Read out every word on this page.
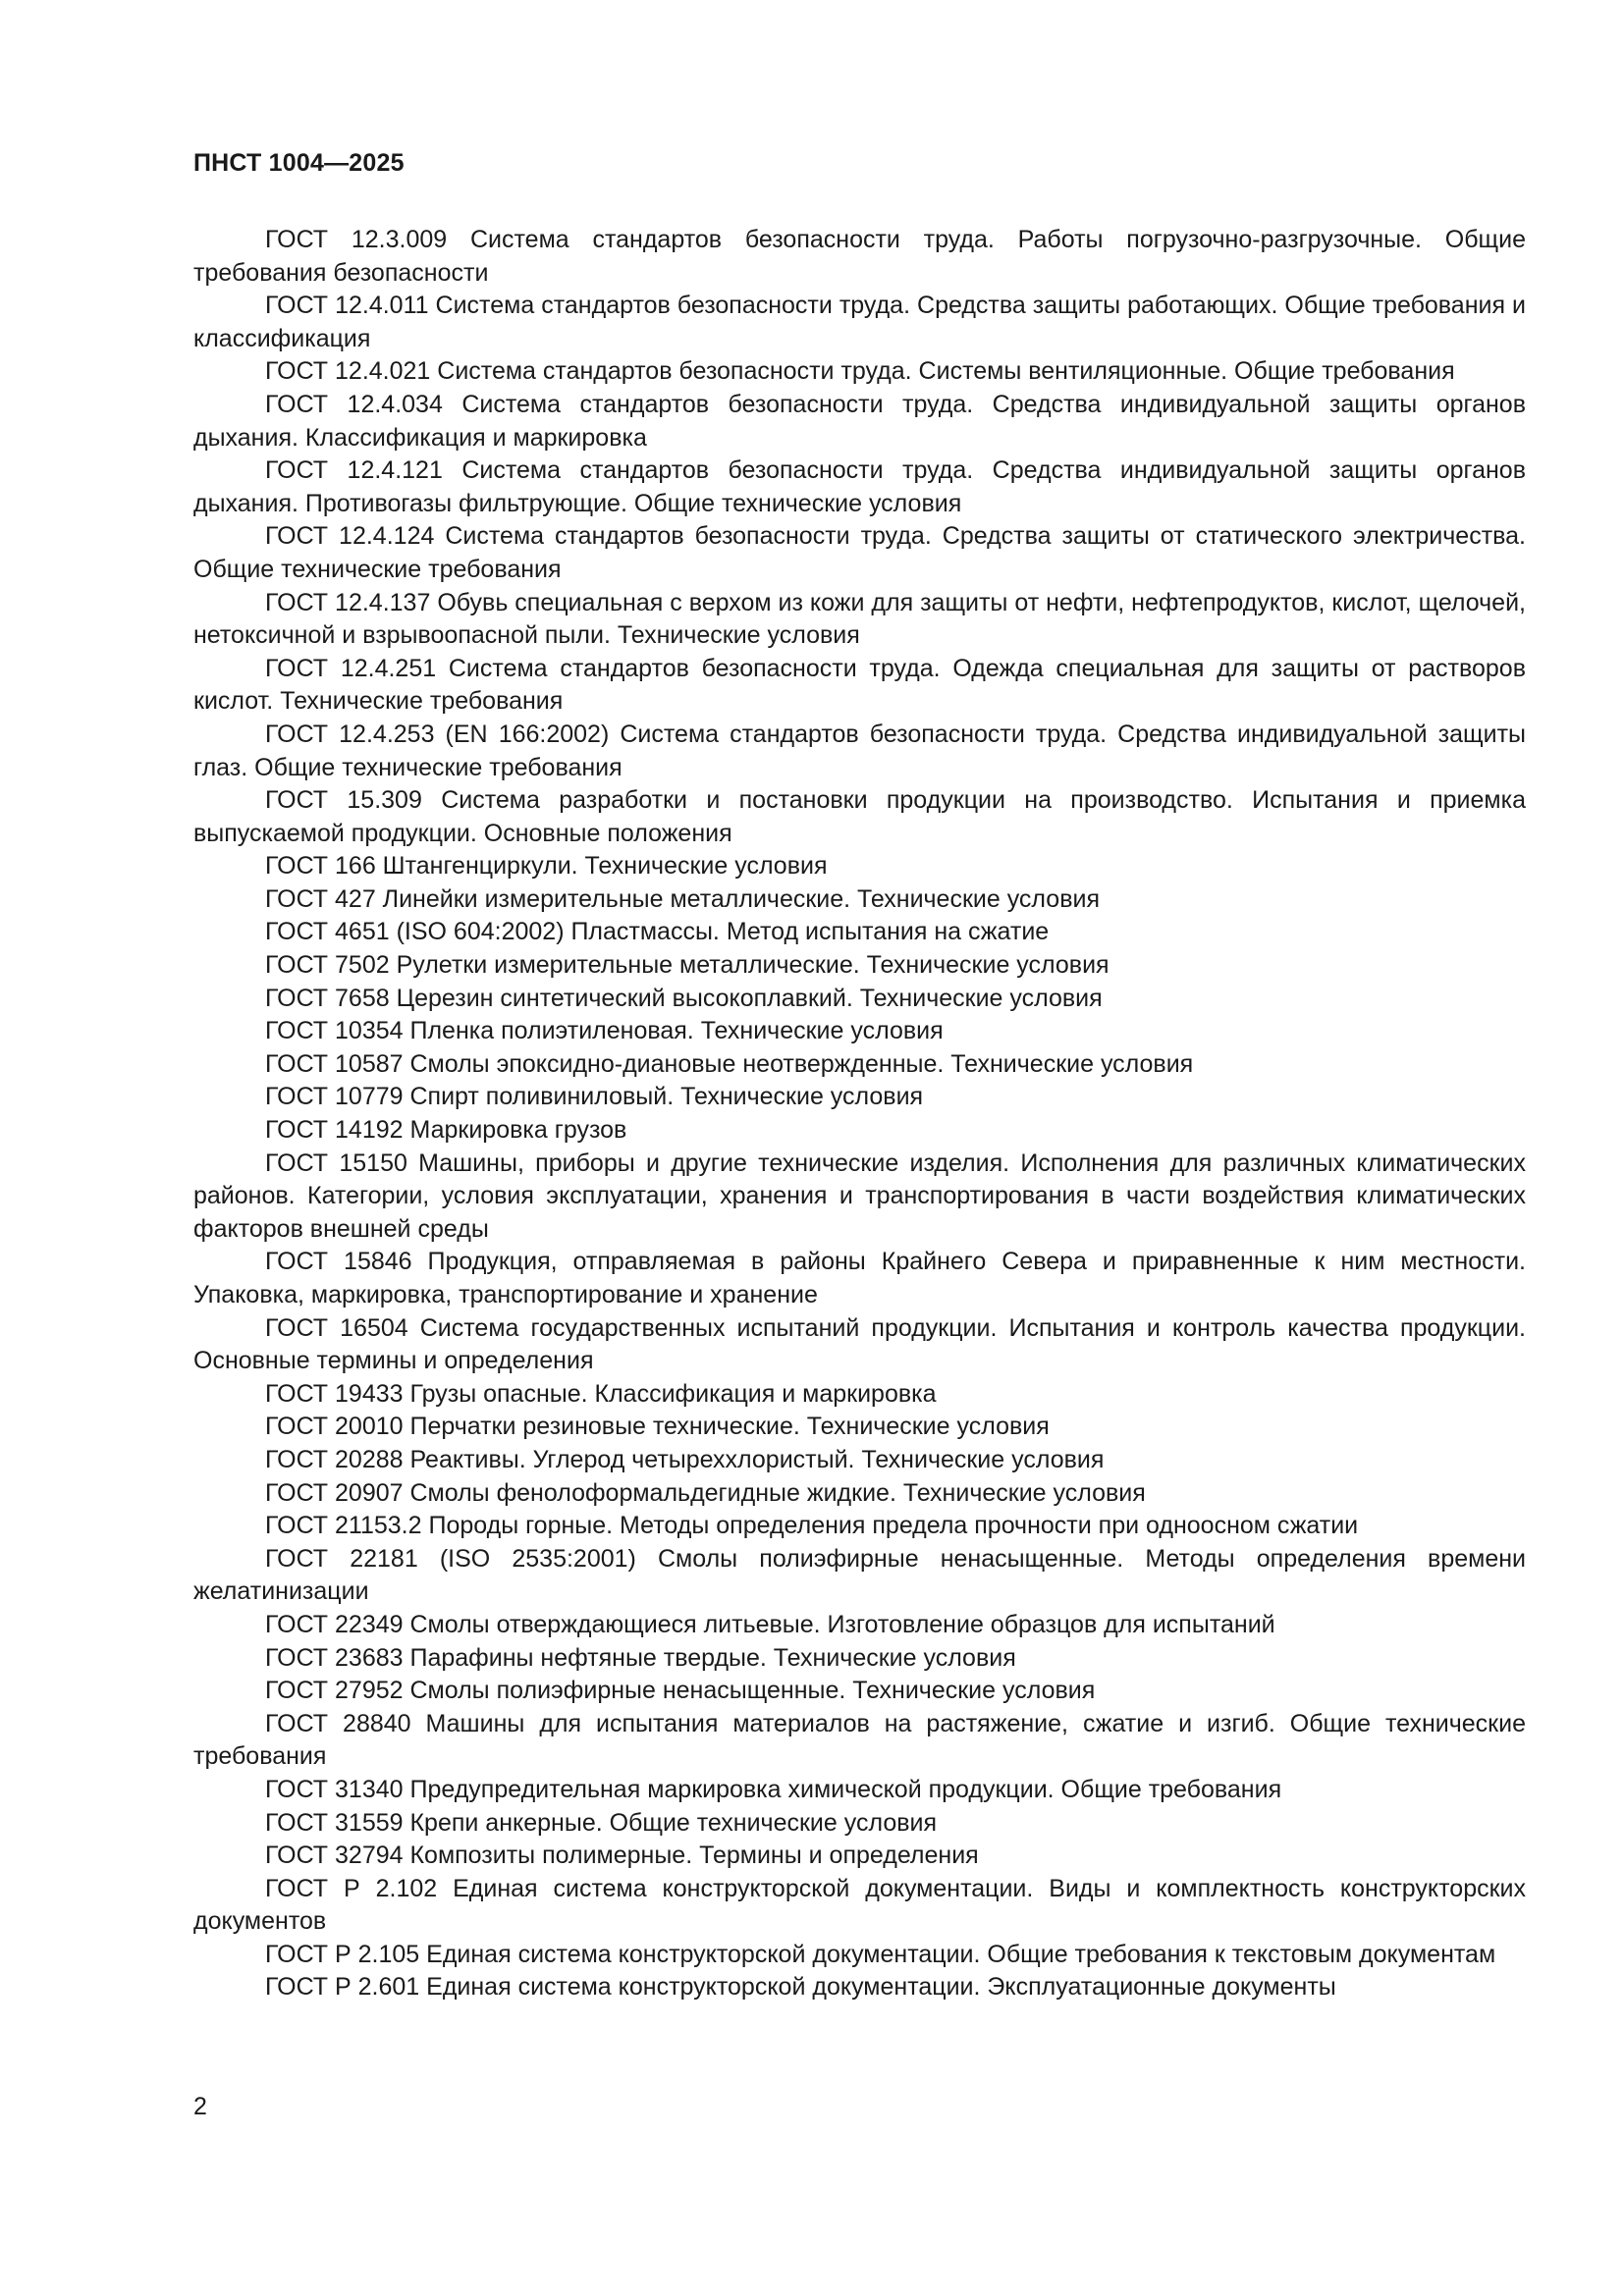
ПНСТ 1004—2025
ГОСТ 12.3.009 Система стандартов безопасности труда. Работы погрузочно-разгрузочные. Общие требования безопасности
ГОСТ 12.4.011 Система стандартов безопасности труда. Средства защиты работающих. Общие требования и классификация
ГОСТ 12.4.021 Система стандартов безопасности труда. Системы вентиляционные. Общие требования
ГОСТ 12.4.034 Система стандартов безопасности труда. Средства индивидуальной защиты органов дыхания. Классификация и маркировка
ГОСТ 12.4.121 Система стандартов безопасности труда. Средства индивидуальной защиты органов дыхания. Противогазы фильтрующие. Общие технические условия
ГОСТ 12.4.124 Система стандартов безопасности труда. Средства защиты от статического электричества. Общие технические требования
ГОСТ 12.4.137 Обувь специальная с верхом из кожи для защиты от нефти, нефтепродуктов, кислот, щелочей, нетоксичной и взрывоопасной пыли. Технические условия
ГОСТ 12.4.251 Система стандартов безопасности труда. Одежда специальная для защиты от растворов кислот. Технические требования
ГОСТ 12.4.253 (EN 166:2002) Система стандартов безопасности труда. Средства индивидуальной защиты глаз. Общие технические требования
ГОСТ 15.309 Система разработки и постановки продукции на производство. Испытания и приемка выпускаемой продукции. Основные положения
ГОСТ 166 Штангенциркули. Технические условия
ГОСТ 427 Линейки измерительные металлические. Технические условия
ГОСТ 4651 (ISO 604:2002) Пластмассы. Метод испытания на сжатие
ГОСТ 7502 Рулетки измерительные металлические. Технические условия
ГОСТ 7658 Церезин синтетический высокоплавкий. Технические условия
ГОСТ 10354 Пленка полиэтиленовая. Технические условия
ГОСТ 10587 Смолы эпоксидно-диановые неотвержденные. Технические условия
ГОСТ 10779 Спирт поливиниловый. Технические условия
ГОСТ 14192 Маркировка грузов
ГОСТ 15150 Машины, приборы и другие технические изделия. Исполнения для различных климатических районов. Категории, условия эксплуатации, хранения и транспортирования в части воздействия климатических факторов внешней среды
ГОСТ 15846 Продукция, отправляемая в районы Крайнего Севера и приравненные к ним местности. Упаковка, маркировка, транспортирование и хранение
ГОСТ 16504 Система государственных испытаний продукции. Испытания и контроль качества продукции. Основные термины и определения
ГОСТ 19433 Грузы опасные. Классификация и маркировка
ГОСТ 20010 Перчатки резиновые технические. Технические условия
ГОСТ 20288 Реактивы. Углерод четыреххлористый. Технические условия
ГОСТ 20907 Смолы фенолоформальдегидные жидкие. Технические условия
ГОСТ 21153.2 Породы горные. Методы определения предела прочности при одноосном сжатии
ГОСТ 22181 (ISO 2535:2001) Смолы полиэфирные ненасыщенные. Методы определения времени желатинизации
ГОСТ 22349 Смолы отверждающиеся литьевые. Изготовление образцов для испытаний
ГОСТ 23683 Парафины нефтяные твердые. Технические условия
ГОСТ 27952 Смолы полиэфирные ненасыщенные. Технические условия
ГОСТ 28840 Машины для испытания материалов на растяжение, сжатие и изгиб. Общие технические требования
ГОСТ 31340 Предупредительная маркировка химической продукции. Общие требования
ГОСТ 31559 Крепи анкерные. Общие технические условия
ГОСТ 32794 Композиты полимерные. Термины и определения
ГОСТ Р 2.102 Единая система конструкторской документации. Виды и комплектность конструкторских документов
ГОСТ Р 2.105 Единая система конструкторской документации. Общие требования к текстовым документам
ГОСТ Р 2.601 Единая система конструкторской документации. Эксплуатационные документы

2
